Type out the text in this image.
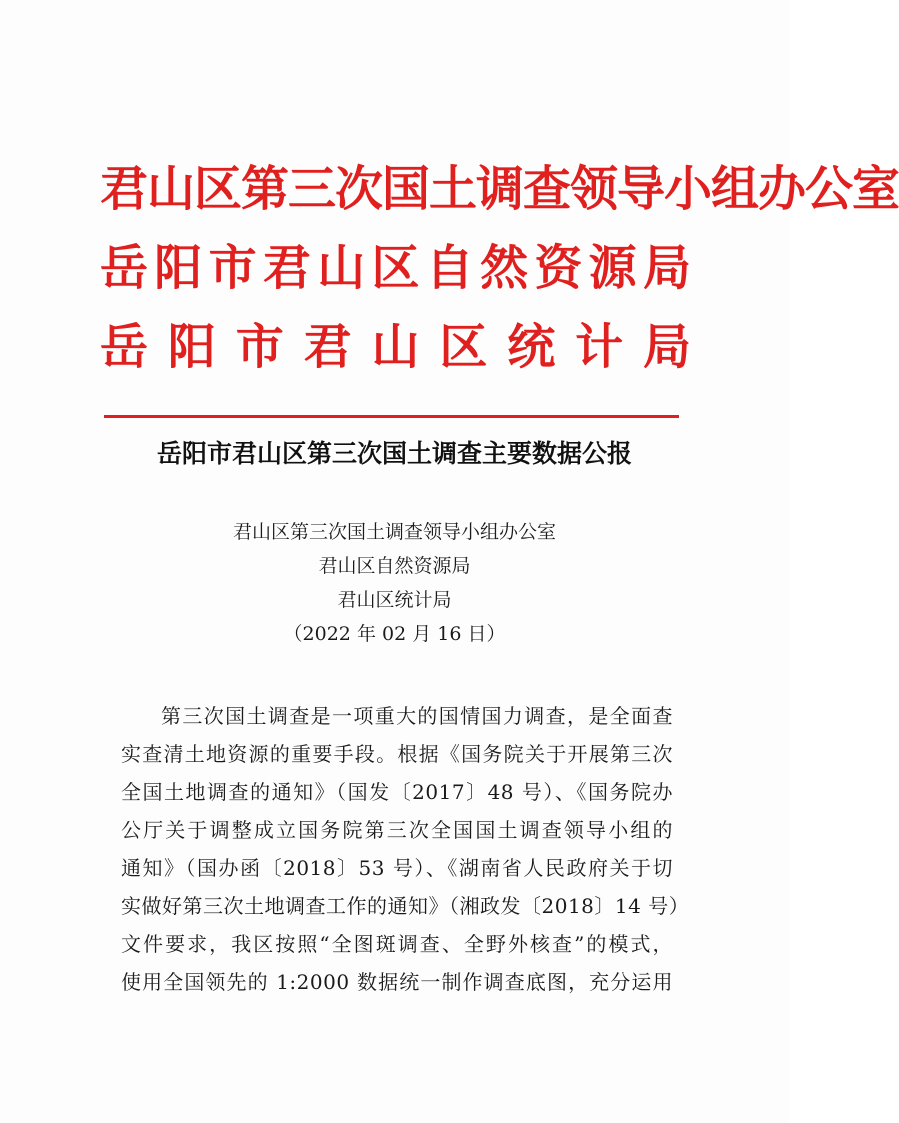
君山区第三次国土调查领导小组办公室
岳阳市君山区自然资源局
岳阳市君山区统计局
岳阳市君山区第三次国土调查主要数据公报
君山区第三次国土调查领导小组办公室
君山区自然资源局
君山区统计局
（2022 年 02 月 16 日）
第三次国土调查是一项重大的国情国力调查，是全面查
实查清土地资源的重要手段。根据《国务院关于开展第三次
全国土地调查的通知》（国发〔2017〕48 号）、《国务院办
公厅关于调整成立国务院第三次全国国土调查领导小组的
通知》（国办函〔2018〕53 号）、《湖南省人民政府关于切
实做好第三次土地调查工作的通知》（湘政发〔2018〕14 号）
文件要求，我区按照“全图斑调查、全野外核查”的模式，
使用全国领先的 1:2000 数据统一制作调查底图，充分运用
